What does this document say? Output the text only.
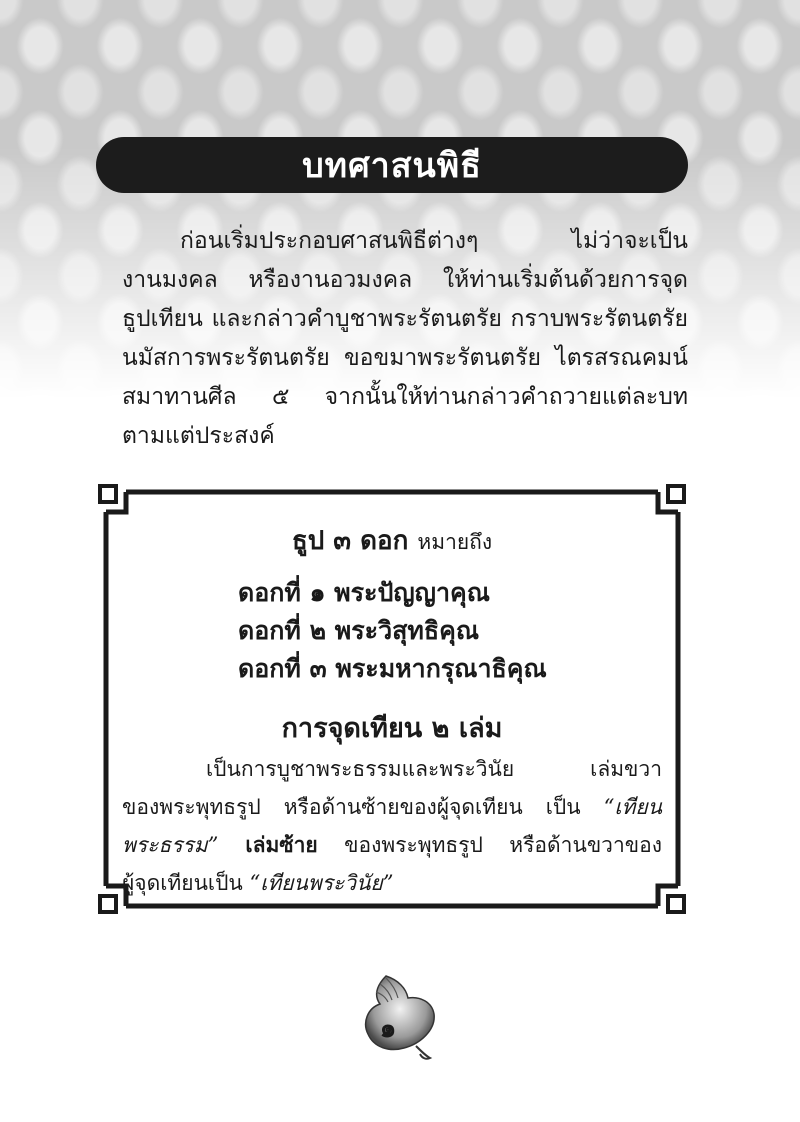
บทศาสนพิธี
ก่อนเริ่มประกอบศาสนพิธีต่างๆ ไม่ว่าจะเป็น
งานมงคล หรืองานอวมงคล ให้ท่านเริ่มต้นด้วยการจุด
ธูปเทียน และกล่าวคำบูชาพระรัตนตรัย กราบพระรัตนตรัย
นมัสการพระรัตนตรัย ขอขมาพระรัตนตรัย ไตรสรณคมน์
สมาทานศีล ๕ จากนั้นให้ท่านกล่าวคำถวายแต่ละบท
ตามแต่ประสงค์
ธูป ๓ ดอก หมายถึง
ดอกที่ ๑ พระปัญญาคุณ
ดอกที่ ๒ พระวิสุทธิคุณ
ดอกที่ ๓ พระมหากรุณาธิคุณ
การจุดเทียน ๒ เล่ม
เป็นการบูชาพระธรรมและพระวินัย เล่มขวา
ของพระพุทธรูป หรือด้านซ้ายของผู้จุดเทียน เป็น “เทียน
พระธรรม” เล่มซ้าย ของพระพุทธรูป หรือด้านขวาของ
ผู้จุดเทียนเป็น “เทียนพระวินัย”
๑
